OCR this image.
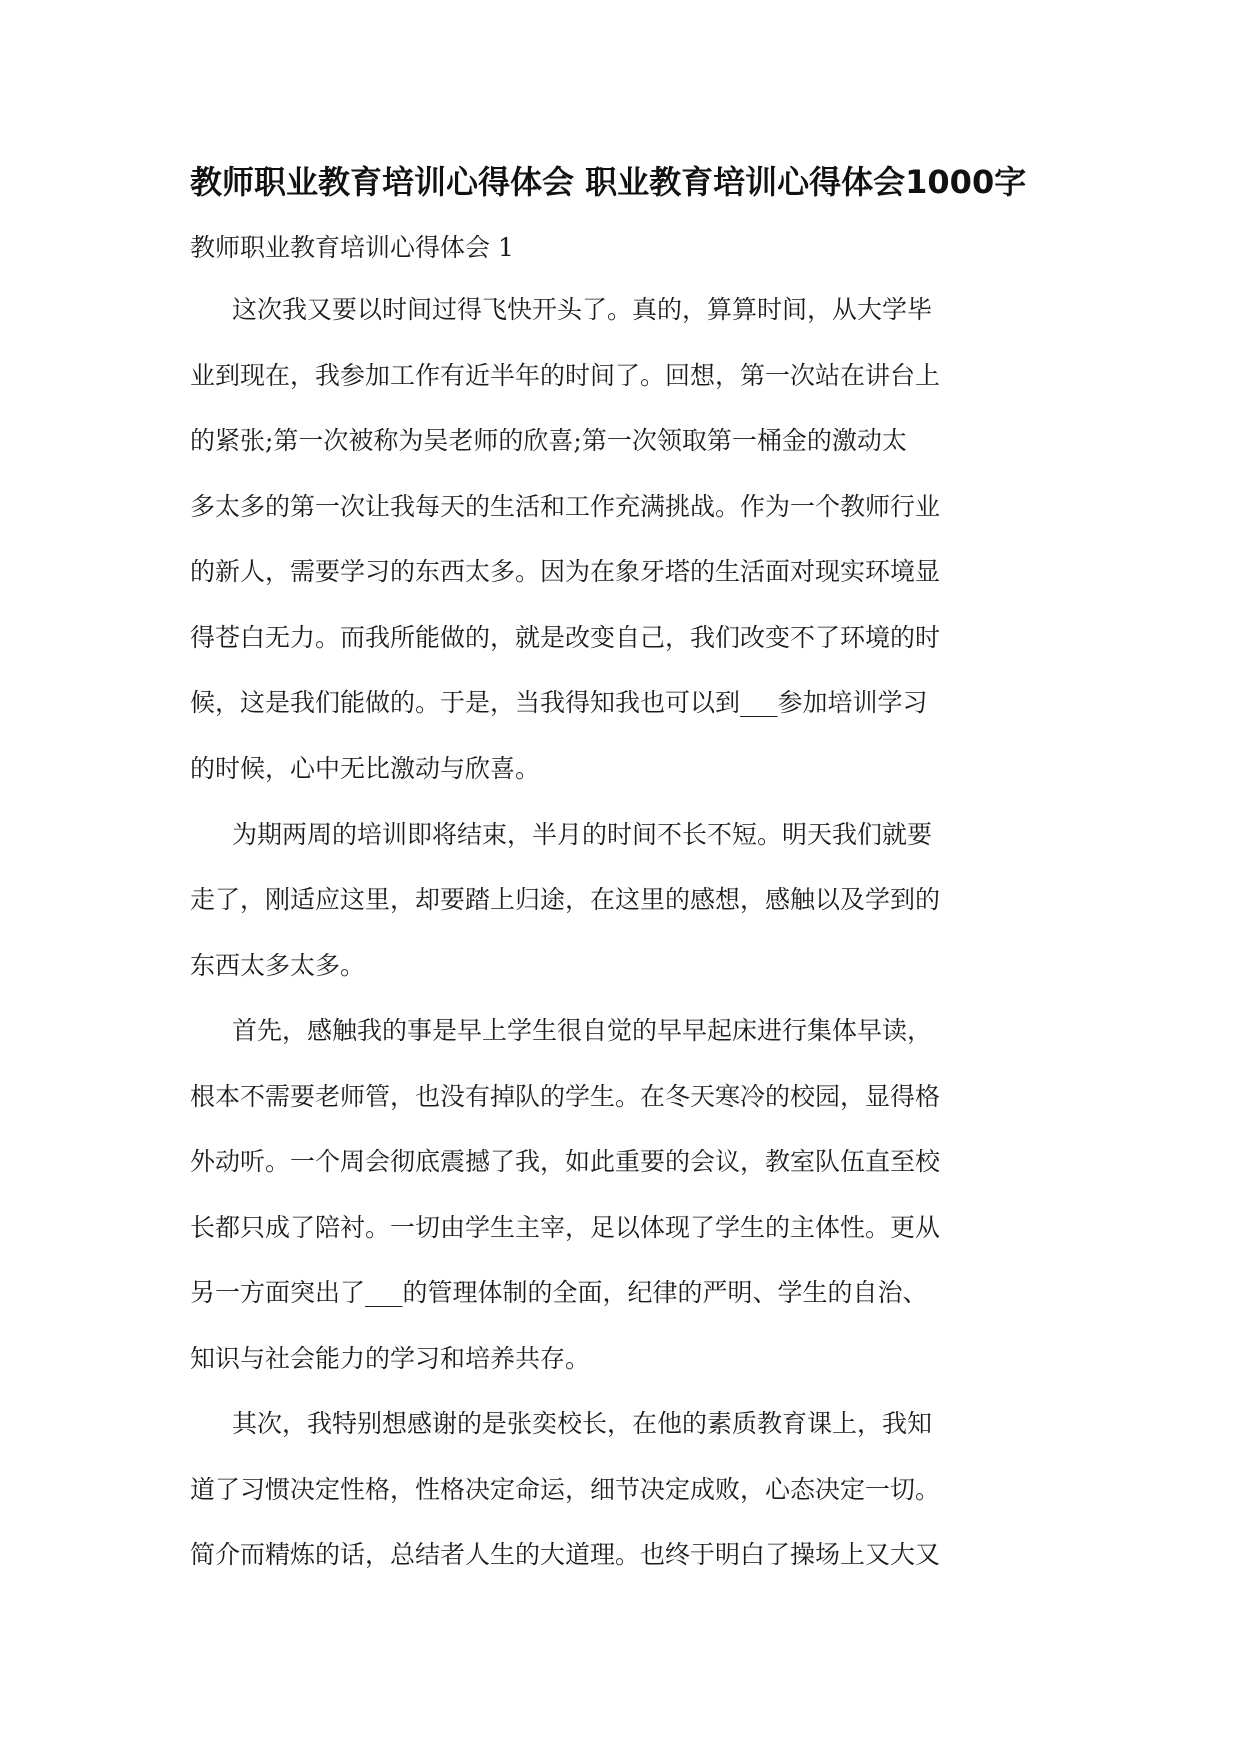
教师职业教育培训心得体会 职业教育培训心得体会1000字
教师职业教育培训心得体会 1
这次我又要以时间过得飞快开头了。真的，算算时间，从大学毕
业到现在，我参加工作有近半年的时间了。回想，第一次站在讲台上
的紧张;第一次被称为吴老师的欣喜;第一次领取第一桶金的激动太
多太多的第一次让我每天的生活和工作充满挑战。作为一个教师行业
的新人，需要学习的东西太多。因为在象牙塔的生活面对现实环境显
得苍白无力。而我所能做的，就是改变自己，我们改变不了环境的时
候，这是我们能做的。于是，当我得知我也可以到___参加培训学习
的时候，心中无比激动与欣喜。
为期两周的培训即将结束，半月的时间不长不短。明天我们就要
走了，刚适应这里，却要踏上归途，在这里的感想，感触以及学到的
东西太多太多。
首先，感触我的事是早上学生很自觉的早早起床进行集体早读，
根本不需要老师管，也没有掉队的学生。在冬天寒冷的校园，显得格
外动听。一个周会彻底震撼了我，如此重要的会议，教室队伍直至校
长都只成了陪衬。一切由学生主宰，足以体现了学生的主体性。更从
另一方面突出了___的管理体制的全面，纪律的严明、学生的自治、
知识与社会能力的学习和培养共存。
其次，我特别想感谢的是张奕校长，在他的素质教育课上，我知
道了习惯决定性格，性格决定命运，细节决定成败，心态决定一切。
简介而精炼的话，总结者人生的大道理。也终于明白了操场上又大又
